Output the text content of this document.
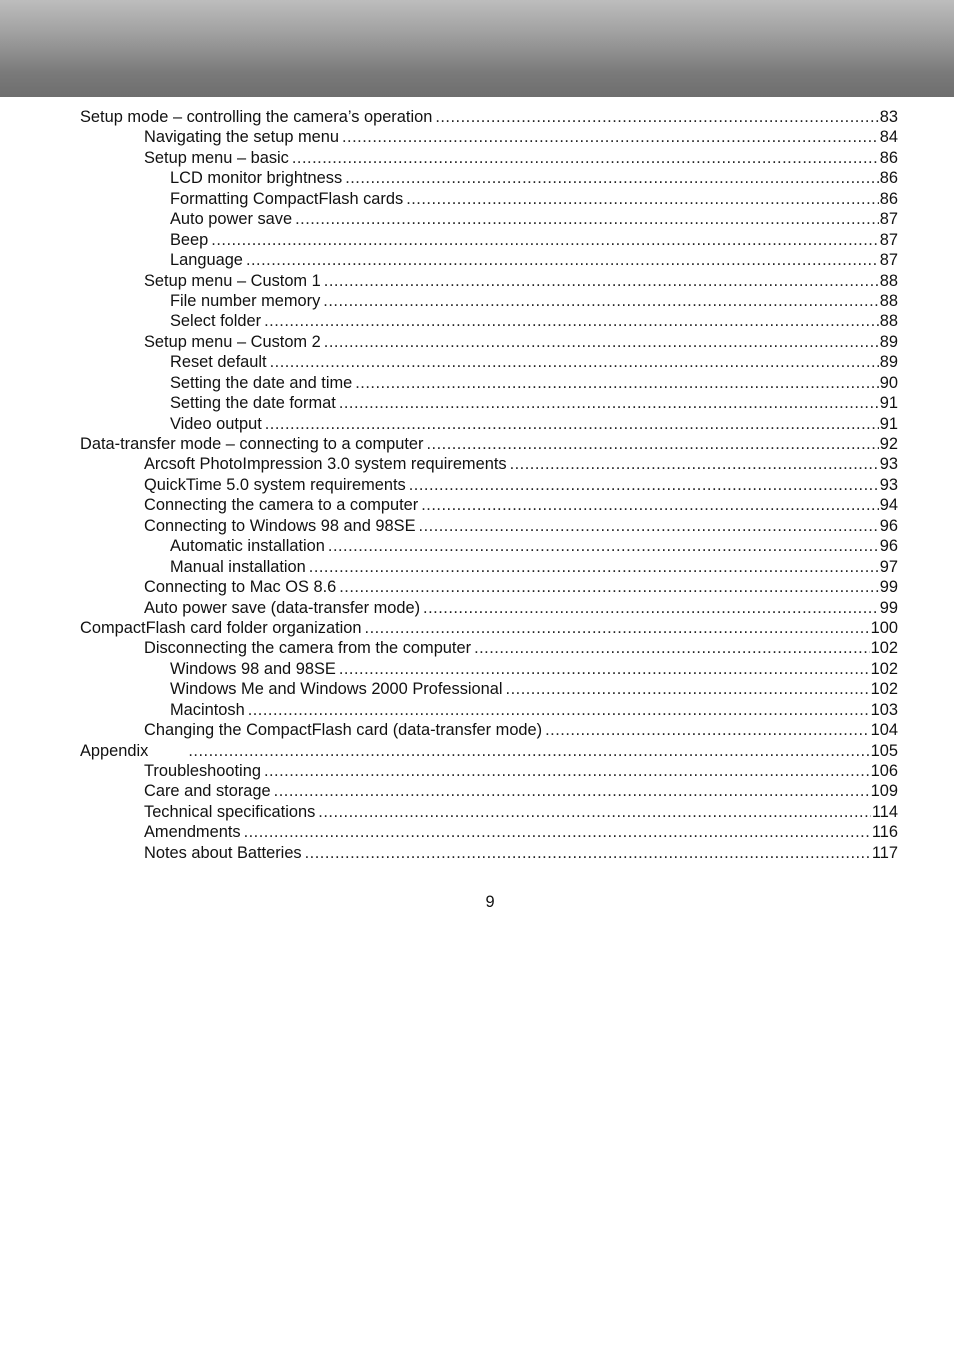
Setup mode – controlling the camera’s operation .....	83
Navigating the setup menu .....	84
Setup menu – basic .....	86
LCD monitor brightness .....	86
Formatting CompactFlash cards .....	86
Auto power save .....	87
Beep .....	87
Language .....	87
Setup menu – Custom 1 .....	88
File number memory .....	88
Select folder .....	88
Setup menu – Custom 2 .....	89
Reset default .....	89
Setting the date and time .....	90
Setting the date format .....	91
Video output .....	91
Data-transfer mode – connecting to a computer .....	92
Arcsoft PhotoImpression 3.0 system requirements .....	93
QuickTime 5.0 system requirements .....	93
Connecting the camera to a computer .....	94
Connecting to Windows 98 and 98SE .....	96
Automatic installation .....	96
Manual installation .....	97
Connecting to Mac OS 8.6 .....	99
Auto power save (data-transfer mode) .....	99
CompactFlash card folder organization .....	100
Disconnecting the camera from the computer .....	102
Windows 98 and 98SE .....	102
Windows Me and Windows 2000 Professional .....	102
Macintosh .....	103
Changing the CompactFlash card (data-transfer mode) .....	104
Appendix .....	105
Troubleshooting .....	106
Care and storage .....	109
Technical specifications .....	114
Amendments .....	116
Notes about Batteries .....	117
9
